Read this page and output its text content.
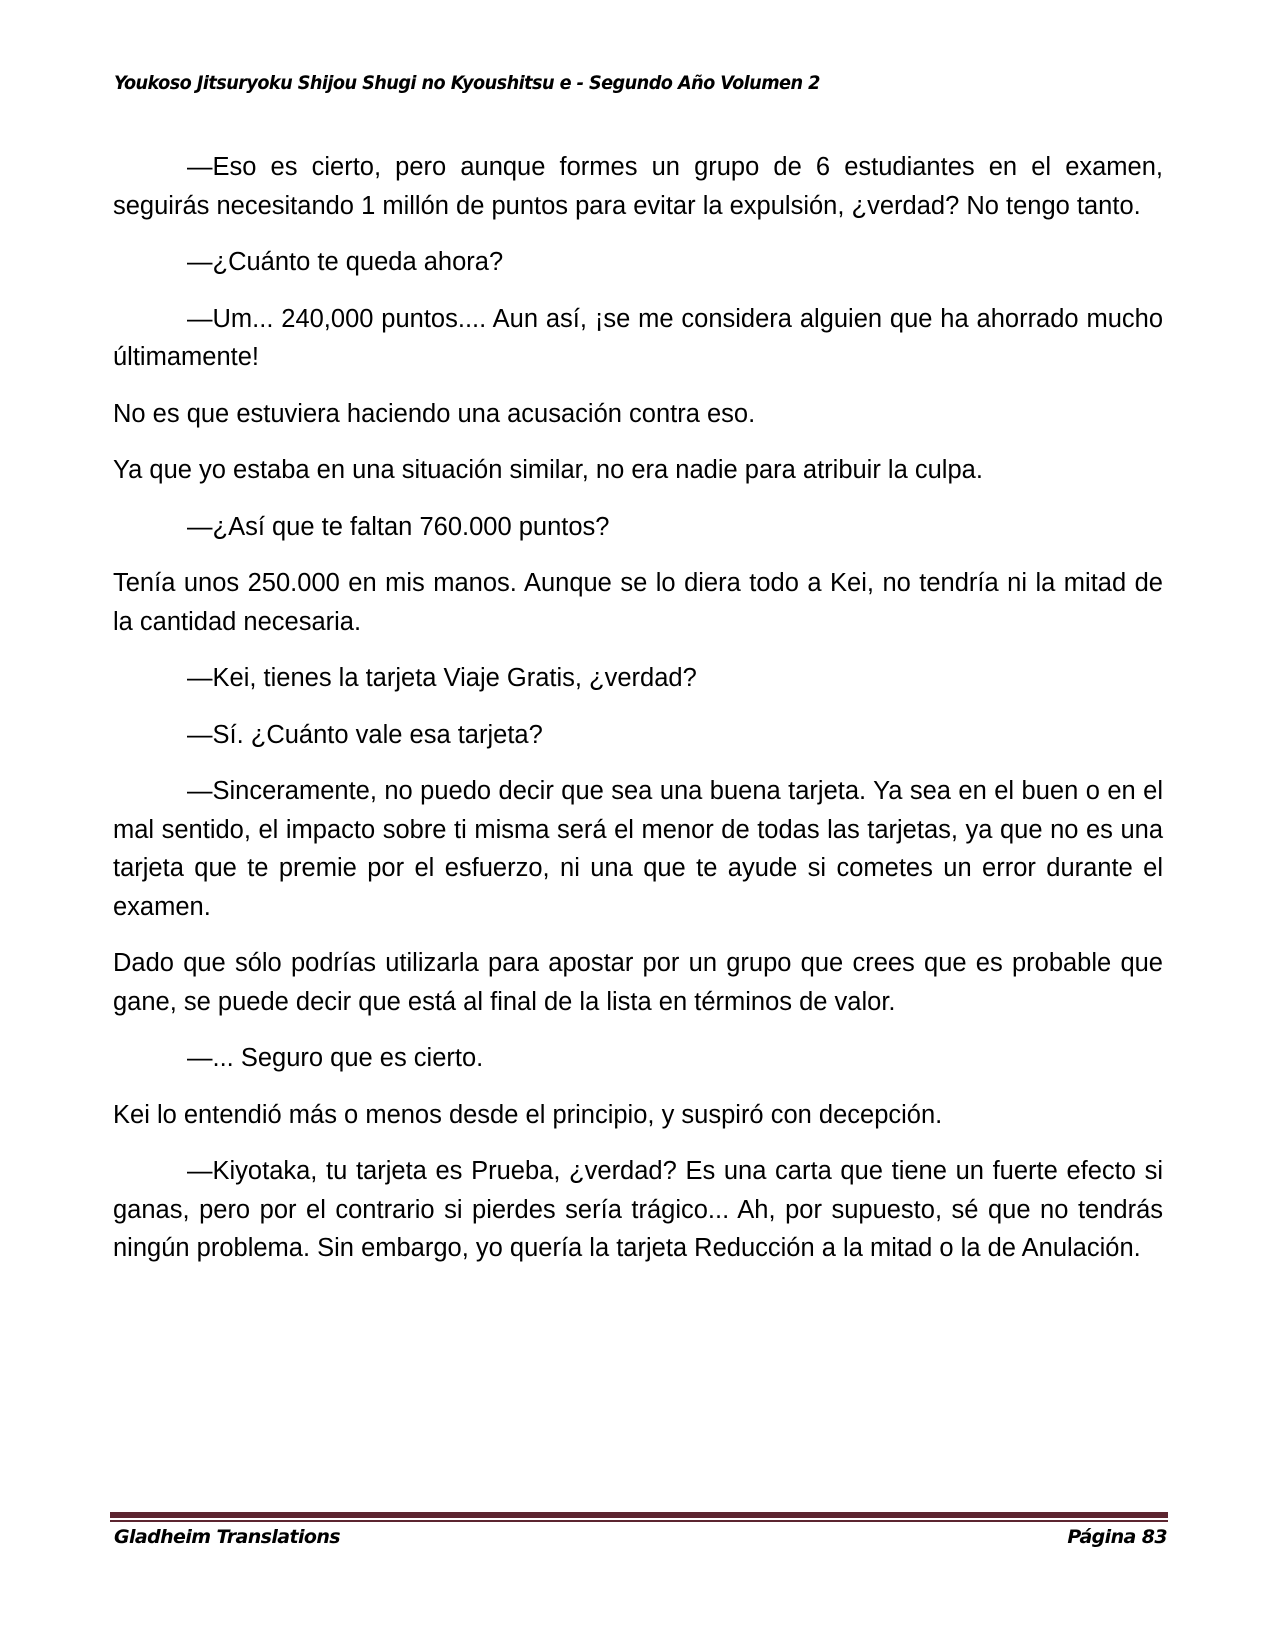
Youkoso Jitsuryoku Shijou Shugi no Kyoushitsu e - Segundo Año Volumen 2

—Eso es cierto, pero aunque formes un grupo de 6 estudiantes en el examen, seguirás necesitando 1 millón de puntos para evitar la expulsión, ¿verdad? No tengo tanto.

—¿Cuánto te queda ahora?

—Um... 240,000 puntos.... Aun así, ¡se me considera alguien que ha ahorrado mucho últimamente!

No es que estuviera haciendo una acusación contra eso.

Ya que yo estaba en una situación similar, no era nadie para atribuir la culpa.

—¿Así que te faltan 760.000 puntos?

Tenía unos 250.000 en mis manos. Aunque se lo diera todo a Kei, no tendría ni la mitad de la cantidad necesaria.

—Kei, tienes la tarjeta Viaje Gratis, ¿verdad?

—Sí. ¿Cuánto vale esa tarjeta?

—Sinceramente, no puedo decir que sea una buena tarjeta. Ya sea en el buen o en el mal sentido, el impacto sobre ti misma será el menor de todas las tarjetas, ya que no es una tarjeta que te premie por el esfuerzo, ni una que te ayude si cometes un error durante el examen.

Dado que sólo podrías utilizarla para apostar por un grupo que crees que es probable que gane, se puede decir que está al final de la lista en términos de valor.

—... Seguro que es cierto.

Kei lo entendió más o menos desde el principio, y suspiró con decepción.

—Kiyotaka, tu tarjeta es Prueba, ¿verdad? Es una carta que tiene un fuerte efecto si ganas, pero por el contrario si pierdes sería trágico... Ah, por supuesto, sé que no tendrás ningún problema. Sin embargo, yo quería la tarjeta Reducción a la mitad o la de Anulación.

Gladheim Translations	Página 83
